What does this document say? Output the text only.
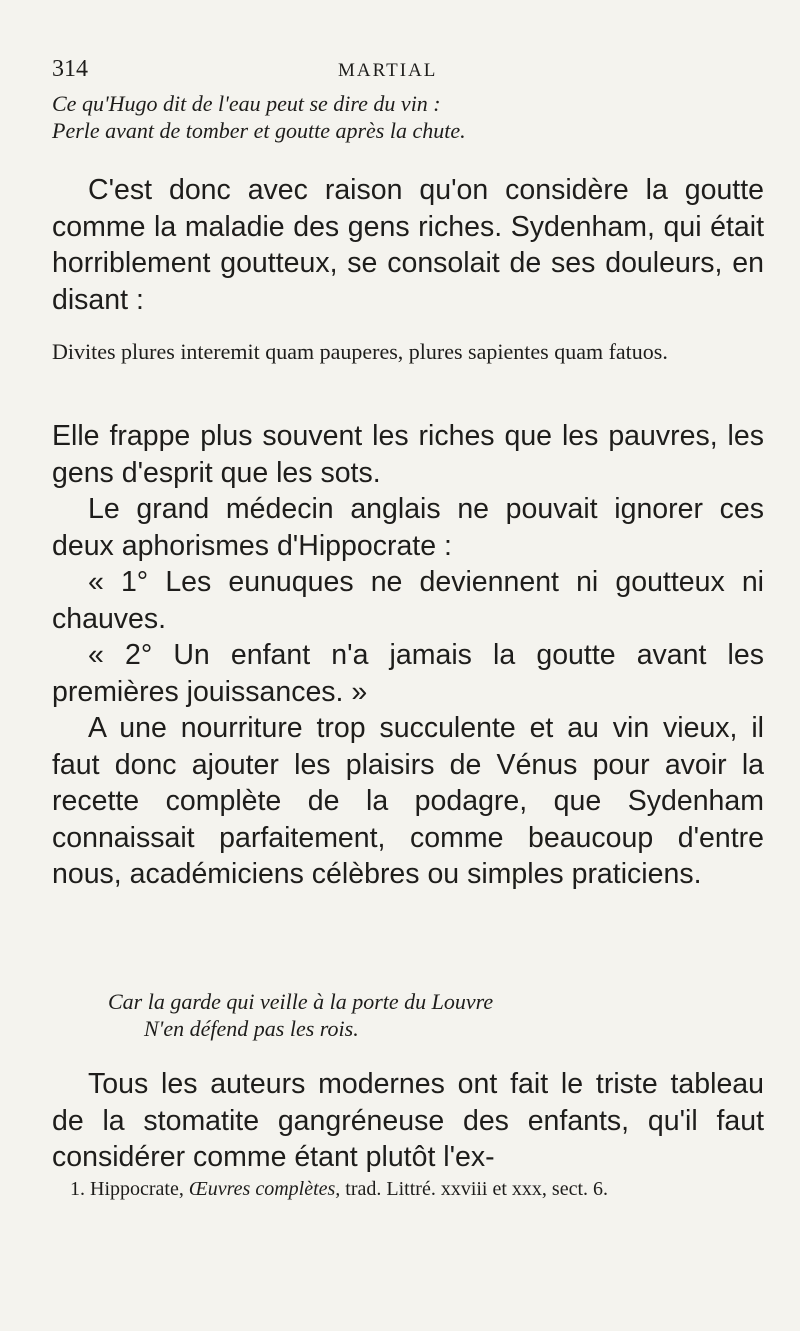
314	MARTIAL
Ce qu'Hugo dit de l'eau peut se dire du vin :
Perle avant de tomber et goutte après la chute.

C'est donc avec raison qu'on considère la goutte comme la maladie des gens riches. Sydenham, qui était horriblement goutteux, se consolait de ses douleurs, en disant :

Divites plures interemit quam pauperes, plures sapientes quam fatuos.

Elle frappe plus souvent les riches que les pauvres, les gens d'esprit que les sots.

Le grand médecin anglais ne pouvait ignorer ces deux aphorismes d'Hippocrate :

« 1° Les eunuques ne deviennent ni goutteux ni chauves.

« 2° Un enfant n'a jamais la goutte avant les premières jouissances. »

A une nourriture trop succulente et au vin vieux, il faut donc ajouter les plaisirs de Vénus pour avoir la recette complète de la podagre, que Sydenham connaissait parfaitement, comme beaucoup d'entre nous, académiciens célèbres ou simples praticiens.

Car la garde qui veille à la porte du Louvre
N'en défend pas les rois.

Tous les auteurs modernes ont fait le triste tableau de la stomatite gangréneuse des enfants, qu'il faut considérer comme étant plutôt l'ex-

1. Hippocrate, Œuvres complètes, trad. Littré. xxviii et xxx, sect. 6.
